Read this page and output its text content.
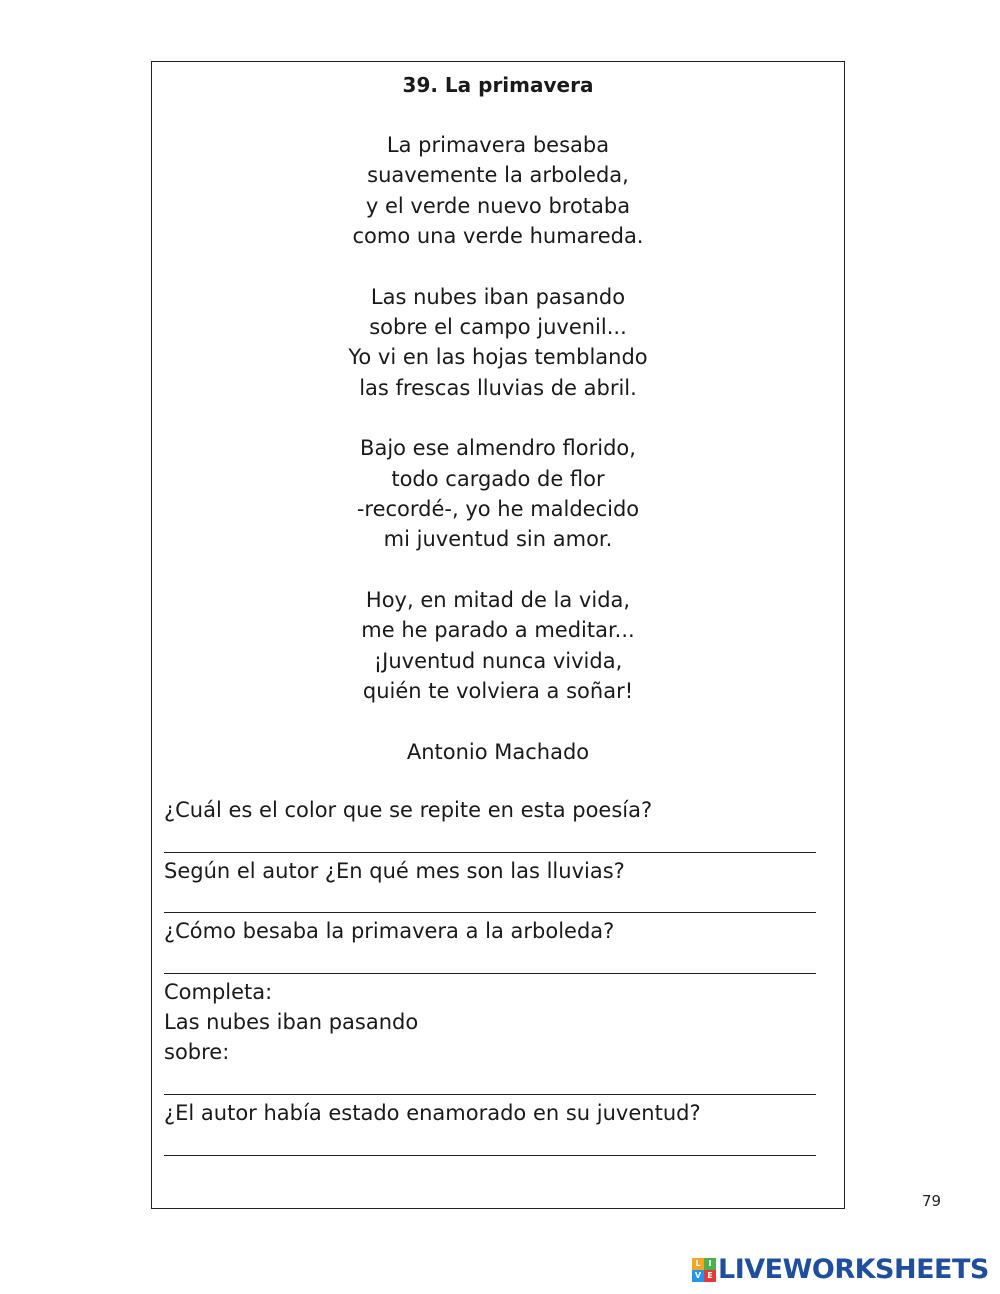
39. La primavera
La primavera besaba
suavemente la arboleda,
y el verde nuevo brotaba
como una verde humareda.
Las nubes iban pasando
sobre el campo juvenil...
Yo vi en las hojas temblando
las frescas lluvias de abril.
Bajo ese almendro florido,
todo cargado de flor
-recordé-, yo he maldecido
mi juventud sin amor.
Hoy, en mitad de la vida,
me he parado a meditar...
¡Juventud nunca vivida,
quién te volviera a soñar!
Antonio Machado
¿Cuál es el color que se repite en esta poesía?
Según el autor ¿En qué mes son las lluvias?
¿Cómo besaba la primavera a la arboleda?
Completa:
Las nubes iban pasando
sobre:
¿El autor había estado enamorado en su juventud?
79
L I
V E LIVEWORKSHEETS
